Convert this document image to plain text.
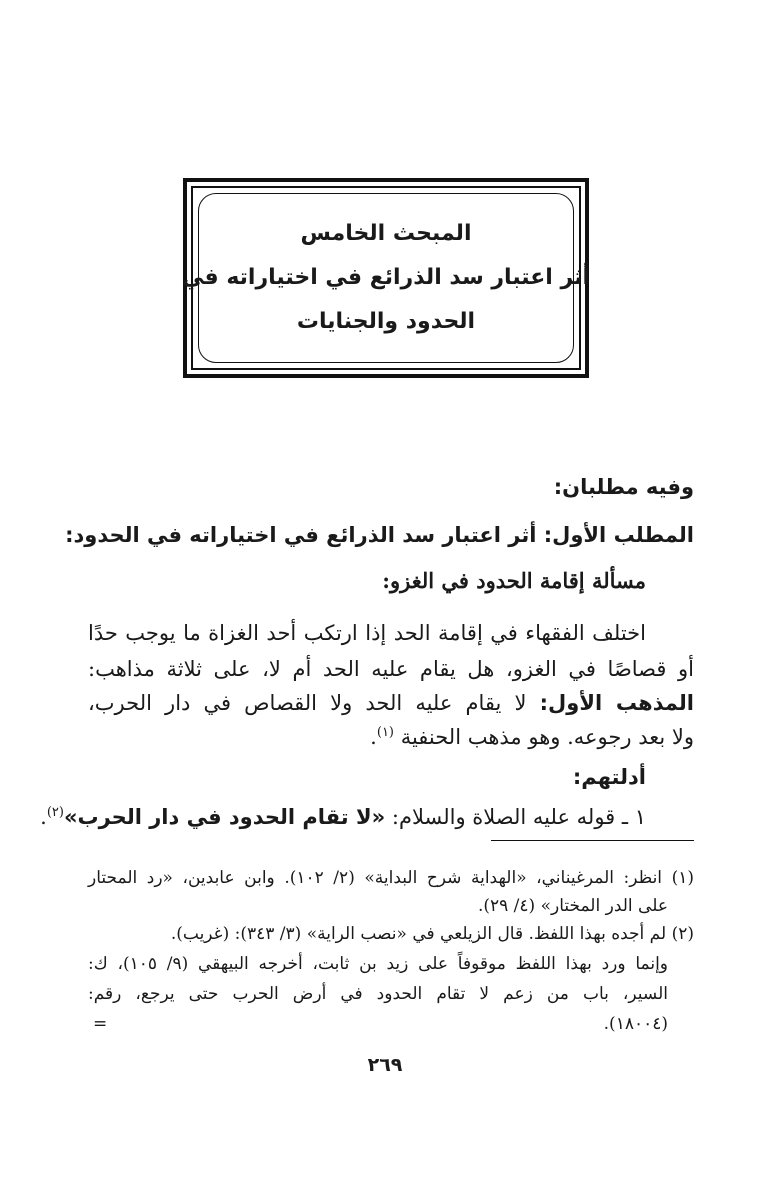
المبحث الخامس
أثر اعتبار سد الذرائع في اختياراته في
الحدود والجنايات
وفيه مطلبان:
المطلب الأول: أثر اعتبار سد الذرائع في اختياراته في الحدود:
مسألة إقامة الحدود في الغزو:
اختلف الفقهاء في إقامة الحد إذا ارتكب أحد الغزاة ما يوجب حدًا
أو قصاصًا في الغزو، هل يقام عليه الحد أم لا، على ثلاثة مذاهب:
المذهب الأول: لا يقام عليه الحد ولا القصاص في دار الحرب،
ولا بعد رجوعه. وهو مذهب الحنفية $^{(١)}$.
أدلتهم:
١ ـ قوله عليه الصلاة والسلام: «لا تقام الحدود في دار الحرب»$^{(٢)}$.
(١) انظر: المرغيناني، «الهداية شرح البداية» (٢/ ١٠٢). وابن عابدين، «رد المحتار
على الدر المختار» (٤/ ٢٩).
(٢) لم أجده بهذا اللفظ. قال الزيلعي في «نصب الراية» (٣/ ٣٤٣): (غريب).
وإنما ورد بهذا اللفظ موقوفاً على زيد بن ثابت، أخرجه البيهقي (٩/ ١٠٥)، ك:
السير، باب من زعم لا تقام الحدود في أرض الحرب حتى يرجع، رقم:
(١٨٠٠٤).
=
٢٦٩
